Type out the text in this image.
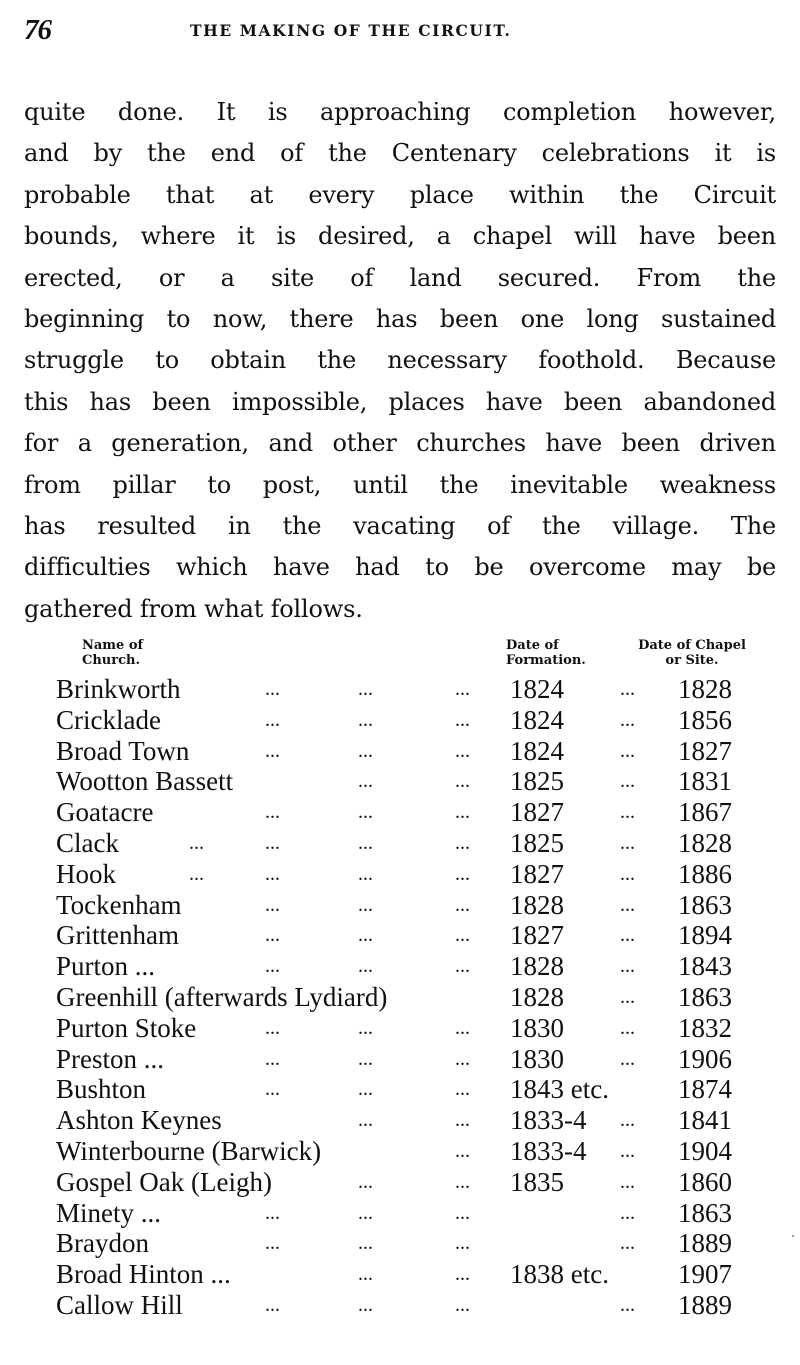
76	THE MAKING OF THE CIRCUIT.
quite done. It is approaching completion however,
and by the end of the Centenary celebrations it is
probable that at every place within the Circuit
bounds, where it is desired, a chapel will have been
erected, or a site of land secured. From the
beginning to now, there has been one long sustained
struggle to obtain the necessary foothold. Because
this has been impossible, places have been abandoned
for a generation, and other churches have been driven
from pillar to post, until the inevitable weakness
has resulted in the vacating of the village. The
difficulties which have had to be overcome may be
gathered from what follows.
Name of
Church.
Date of
Formation.
Date of Chapel
or Site.
Brinkworth	...	...	... 1824	... 1828
Cricklade	...	...	... 1824	... 1856
Broad Town	...	...	... 1824	... 1827
Wootton Bassett	...	... 1825	... 1831
Goatacre	...	...	... 1827	... 1867
Clack	...	...	...	... 1825	... 1828
Hook	...	...	...	... 1827	... 1886
Tockenham	...	...	... 1828	... 1863
Grittenham	...	...	... 1827	... 1894
Purton ...	...	...	... 1828	... 1843
Greenhill (afterwards Lydiard)	1828	... 1863
Purton Stoke	...	...	... 1830	... 1832
Preston ...	...	...	... 1830	... 1906
Bushton	...	...	... 1843 etc.	1874
Ashton Keynes	...	... 1833-4 ... 1841
Winterbourne (Barwick)	... 1833-4 ... 1904
Gospel Oak (Leigh)	...	... 1835	... 1860
Minety ...	...	...	...	... 1863
Braydon	...	...	...	... 1889
Broad Hinton ...	...	... 1838 etc.	1907
Callow Hill	...	...	...	... 1889
